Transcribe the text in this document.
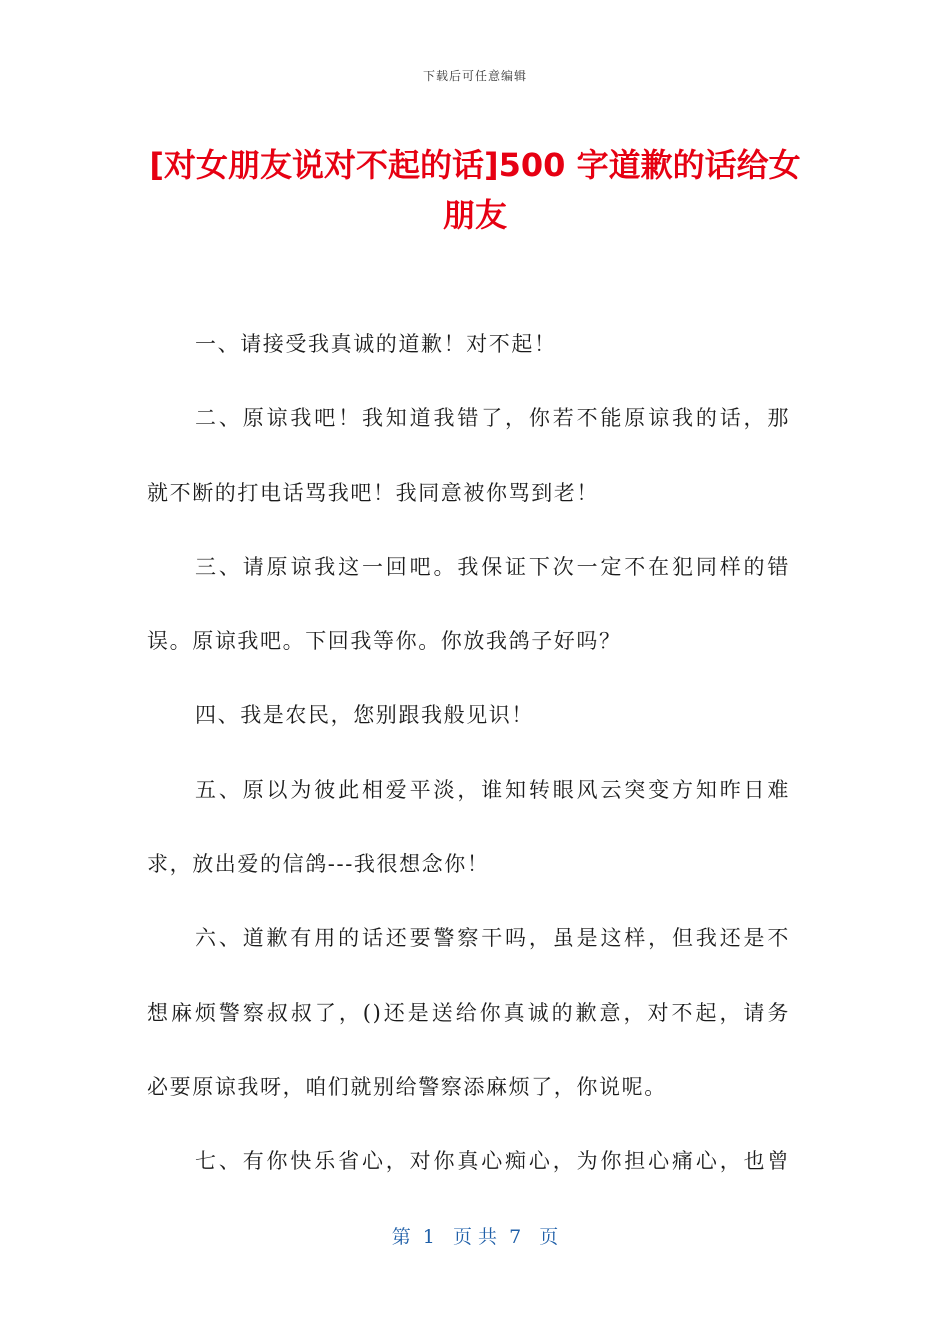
下载后可任意编辑
[对女朋友说对不起的话]500 字道歉的话给女朋友
一、请接受我真诚的道歉！对不起！
二、原谅我吧！我知道我错了，你若不能原谅我的话，那
就不断的打电话骂我吧！我同意被你骂到老！
三、请原谅我这一回吧。我保证下次一定不在犯同样的错
误。原谅我吧。下回我等你。你放我鸽子好吗？
四、我是农民，您别跟我般见识！
五、原以为彼此相爱平淡，谁知转眼风云突变方知昨日难
求，放出爱的信鸽---我很想念你！
六、道歉有用的话还要警察干吗，虽是这样，但我还是不
想麻烦警察叔叔了，()还是送给你真诚的歉意，对不起，请务
必要原谅我呀，咱们就别给警察添麻烦了，你说呢。
七、有你快乐省心，对你真心痴心，为你担心痛心，也曾
第  1   页 共  7   页
